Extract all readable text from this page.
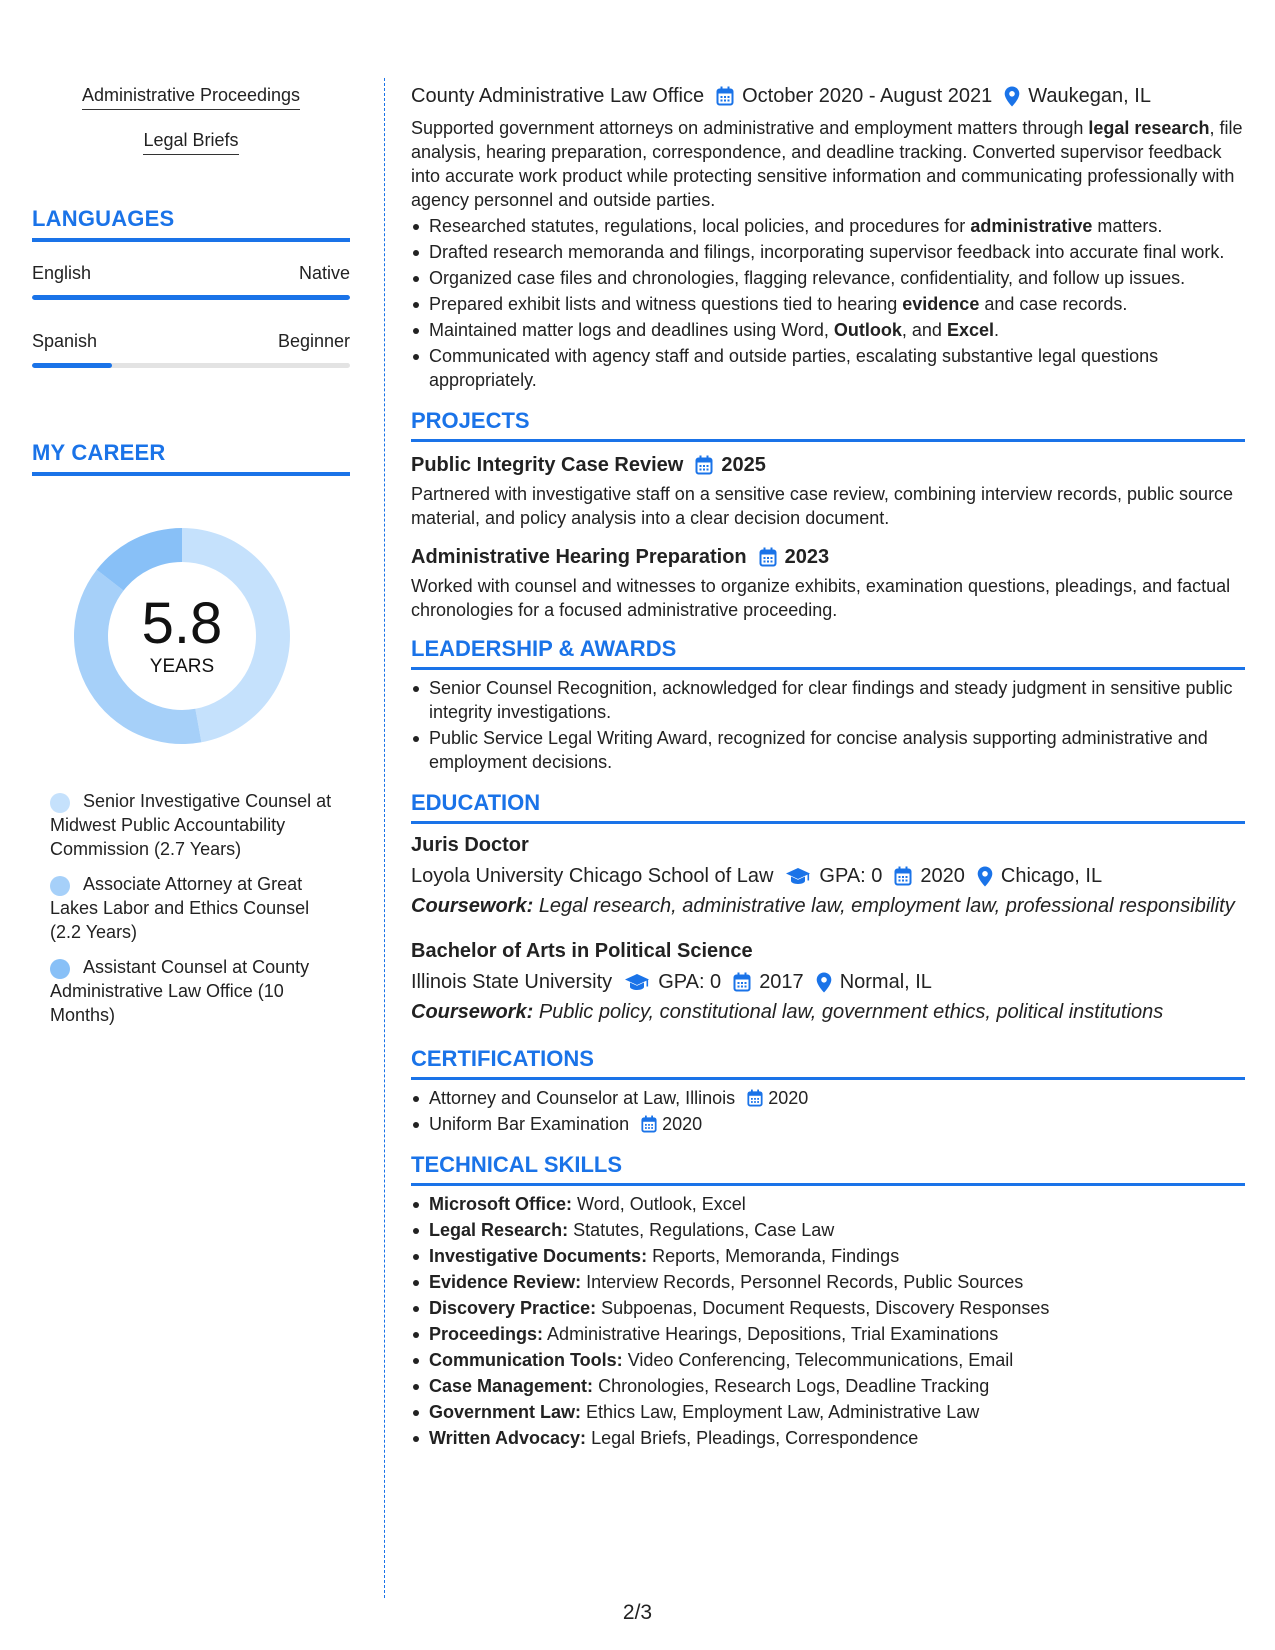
Administrative Proceedings
Legal Briefs
LANGUAGES
English	Native
Spanish	Beginner
MY CAREER
5.8
YEARS
Senior Investigative Counsel at Midwest Public Accountability Commission (2.7 Years)
Associate Attorney at Great Lakes Labor and Ethics Counsel (2.2 Years)
Assistant Counsel at County Administrative Law Office (10 Months)
County Administrative Law Office October 2020 - August 2021 Waukegan, IL

Supported government attorneys on administrative and employment matters through legal research, file analysis, hearing preparation, correspondence, and deadline tracking. Converted supervisor feedback into accurate work product while protecting sensitive information and communicating professionally with agency personnel and outside parties.

Researched statutes, regulations, local policies, and procedures for administrative matters.
Drafted research memoranda and filings, incorporating supervisor feedback into accurate final work.
Organized case files and chronologies, flagging relevance, confidentiality, and follow up issues.
Prepared exhibit lists and witness questions tied to hearing evidence and case records.
Maintained matter logs and deadlines using Word, Outlook, and Excel.
Communicated with agency staff and outside parties, escalating substantive legal questions appropriately.
PROJECTS
Public Integrity Case Review 2025

Partnered with investigative staff on a sensitive case review, combining interview records, public source material, and policy analysis into a clear decision document.

Administrative Hearing Preparation 2023

Worked with counsel and witnesses to organize exhibits, examination questions, pleadings, and factual chronologies for a focused administrative proceeding.

LEADERSHIP & AWARDS
Senior Counsel Recognition, acknowledged for clear findings and steady judgment in sensitive public integrity investigations.
Public Service Legal Writing Award, recognized for concise analysis supporting administrative and employment decisions.
EDUCATION
Juris Doctor
Loyola University Chicago School of Law GPA: 0 2020 Chicago, IL

Coursework: Legal research, administrative law, employment law, professional responsibility

Bachelor of Arts in Political Science
Illinois State University GPA: 0 2017 Normal, IL

Coursework: Public policy, constitutional law, government ethics, political institutions

CERTIFICATIONS
Attorney and Counselor at Law, Illinois 2020
Uniform Bar Examination 2020
TECHNICAL SKILLS
Microsoft Office: Word, Outlook, Excel
Legal Research: Statutes, Regulations, Case Law
Investigative Documents: Reports, Memoranda, Findings
Evidence Review: Interview Records, Personnel Records, Public Sources
Discovery Practice: Subpoenas, Document Requests, Discovery Responses
Proceedings: Administrative Hearings, Depositions, Trial Examinations
Communication Tools: Video Conferencing, Telecommunications, Email
Case Management: Chronologies, Research Logs, Deadline Tracking
Government Law: Ethics Law, Employment Law, Administrative Law
Written Advocacy: Legal Briefs, Pleadings, Correspondence
2/3
